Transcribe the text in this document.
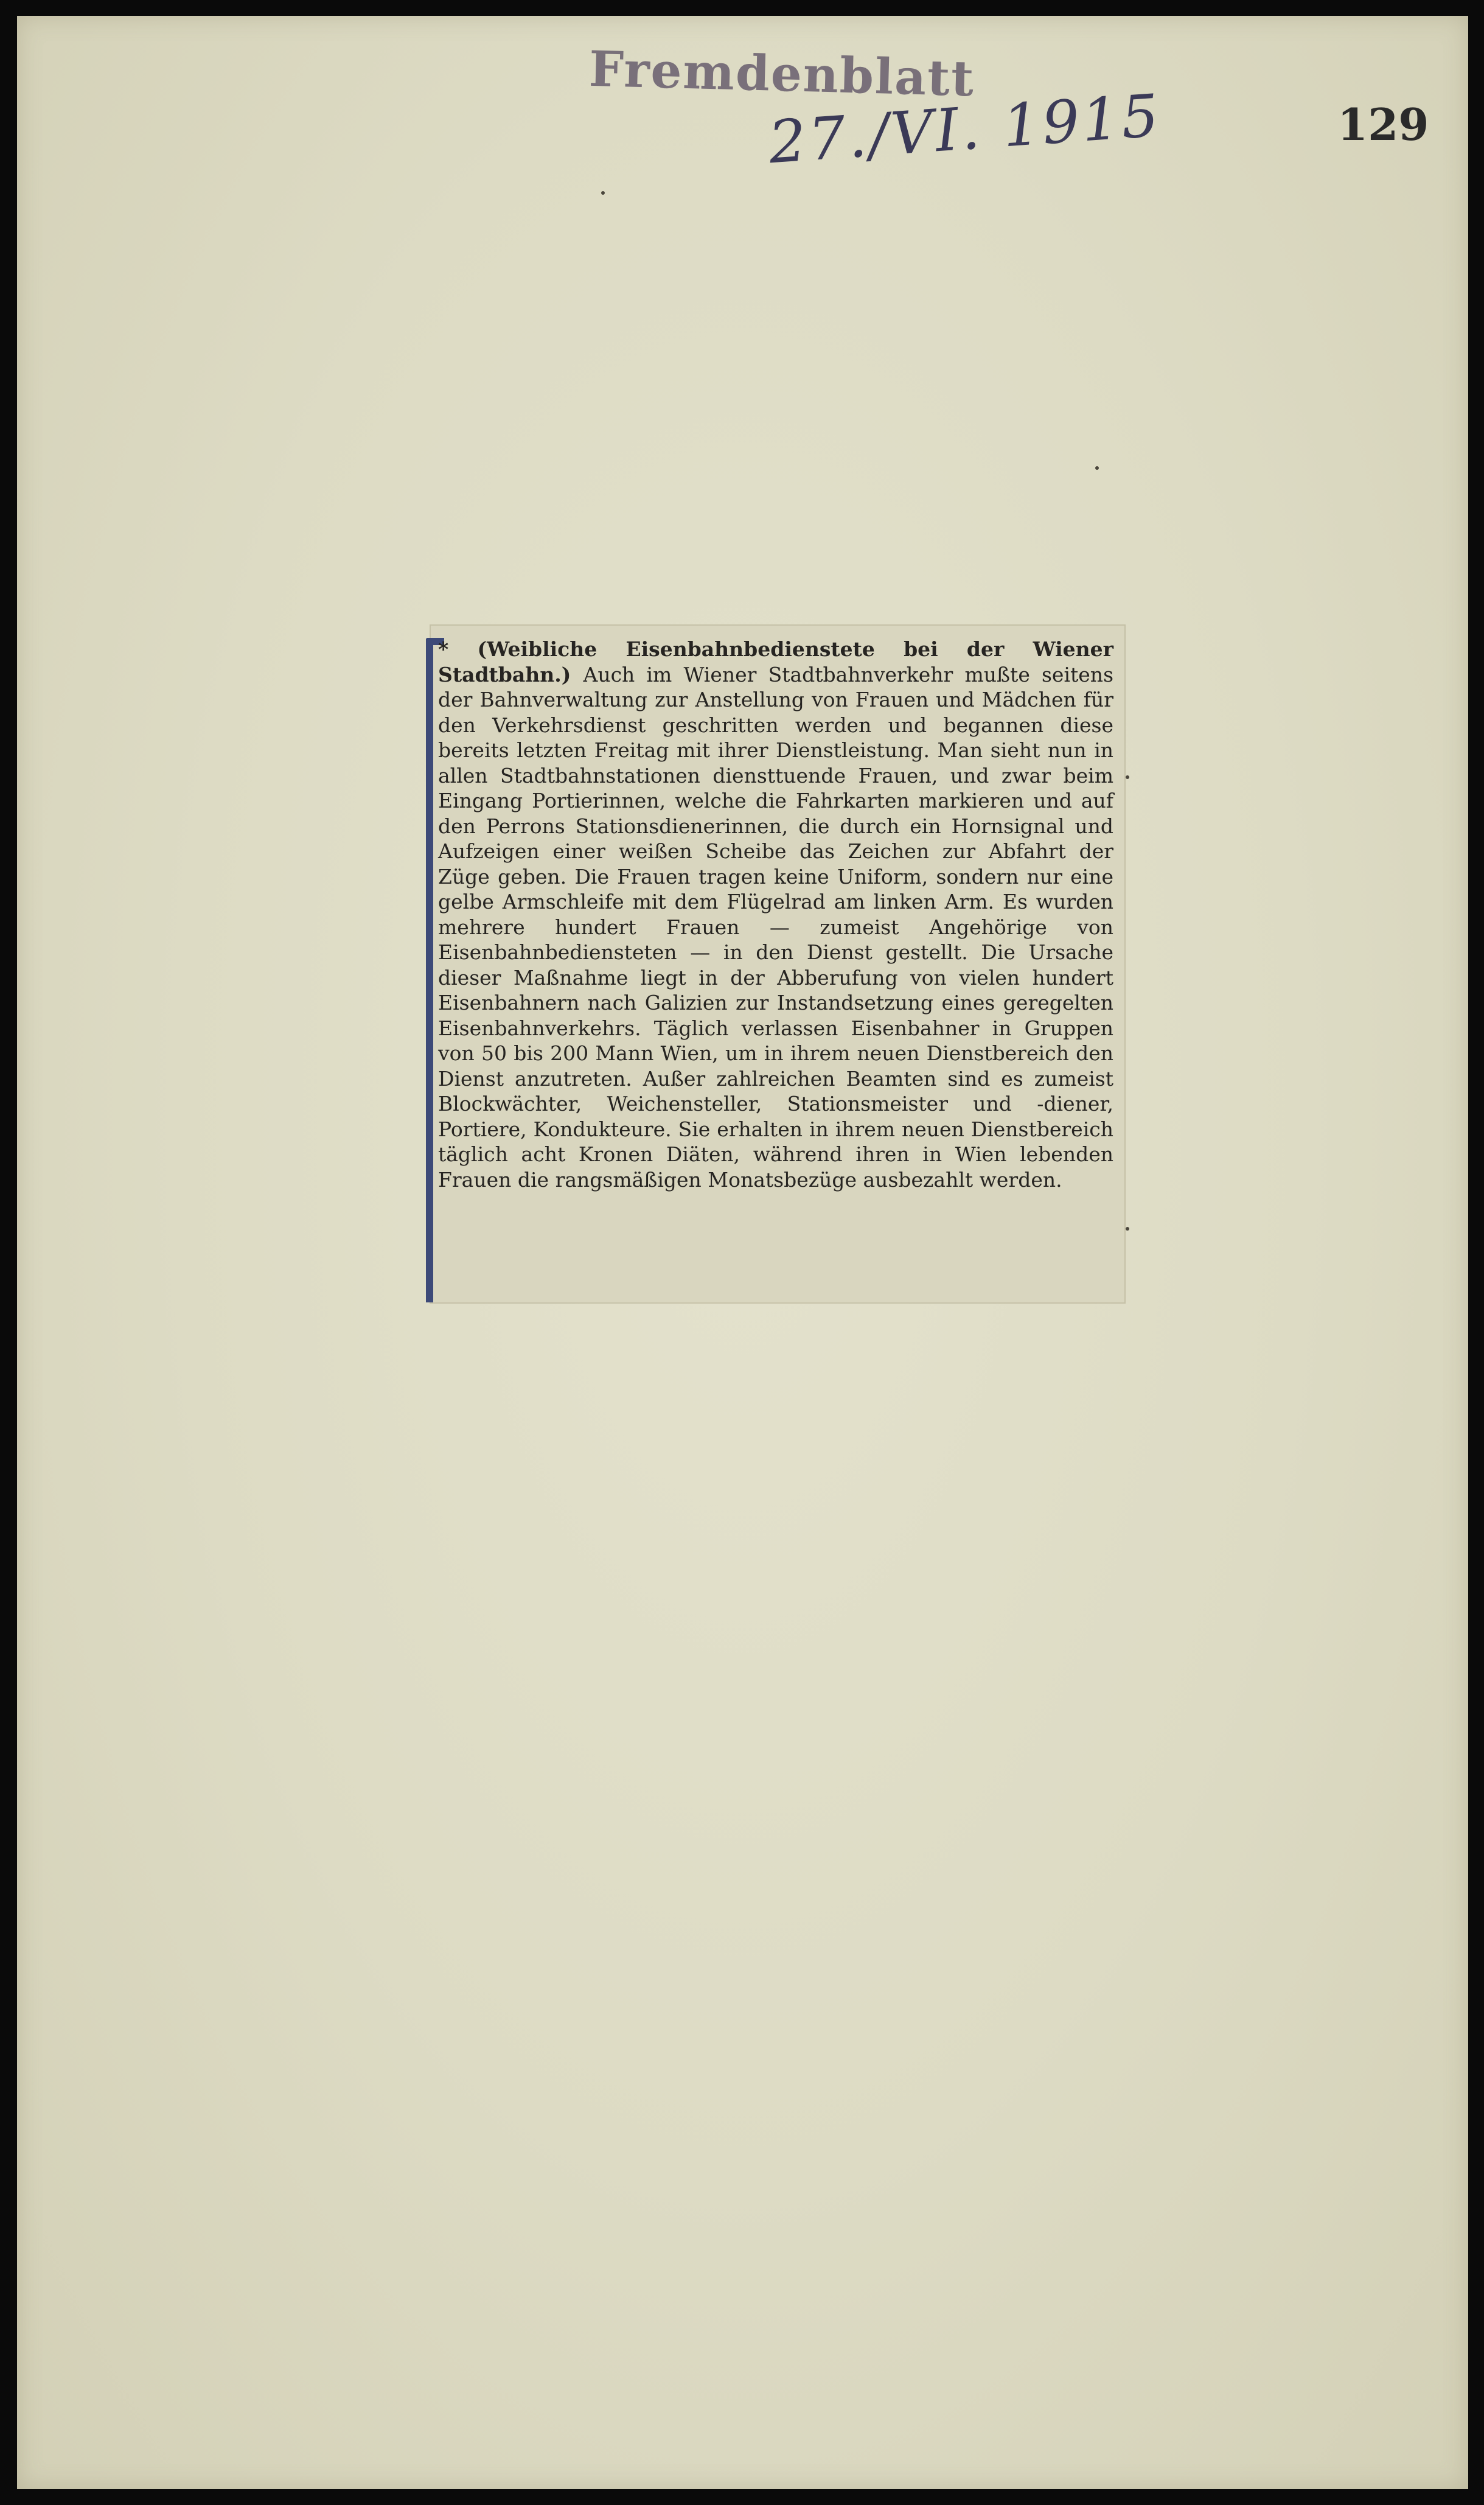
Fremdenblatt
27./VI. 1915	129
* (Weibliche Eisenbahnbedienstete bei der Wiener Stadtbahn.) Auch im Wiener Stadtbahnverkehr mußte seitens der Bahnverwaltung zur Anstellung von Frauen und Mädchen für den Verkehrsdienst geschritten werden und begannen diese bereits letzten Freitag mit ihrer Dienstleistung. Man sieht nun in allen Stadtbahnstationen diensttuende Frauen, und zwar beim Eingang Portierinnen, welche die Fahrkarten markieren und auf den Perrons Stationsdienerinnen, die durch ein Hornsignal und Aufzeigen einer weißen Scheibe das Zeichen zur Abfahrt der Züge geben. Die Frauen tragen keine Uniform, sondern nur eine gelbe Armschleife mit dem Flügelrad am linken Arm. Es wurden mehrere hundert Frauen — zumeist Angehörige von Eisenbahnbediensteten — in den Dienst gestellt. Die Ursache dieser Maßnahme liegt in der Abberufung von vielen hundert Eisenbahnern nach Galizien zur Instandsetzung eines geregelten Eisenbahnverkehrs. Täglich verlassen Eisenbahner in Gruppen von 50 bis 200 Mann Wien, um in ihrem neuen Dienstbereich den Dienst anzutreten. Außer zahlreichen Beamten sind es zumeist Blockwächter, Weichensteller, Stationsmeister und -diener, Portiere, Kondukteure. Sie erhalten in ihrem neuen Dienstbereich täglich acht Kronen Diäten, während ihren in Wien lebenden Frauen die rangsmäßigen Monatsbezüge ausbezahlt werden.
